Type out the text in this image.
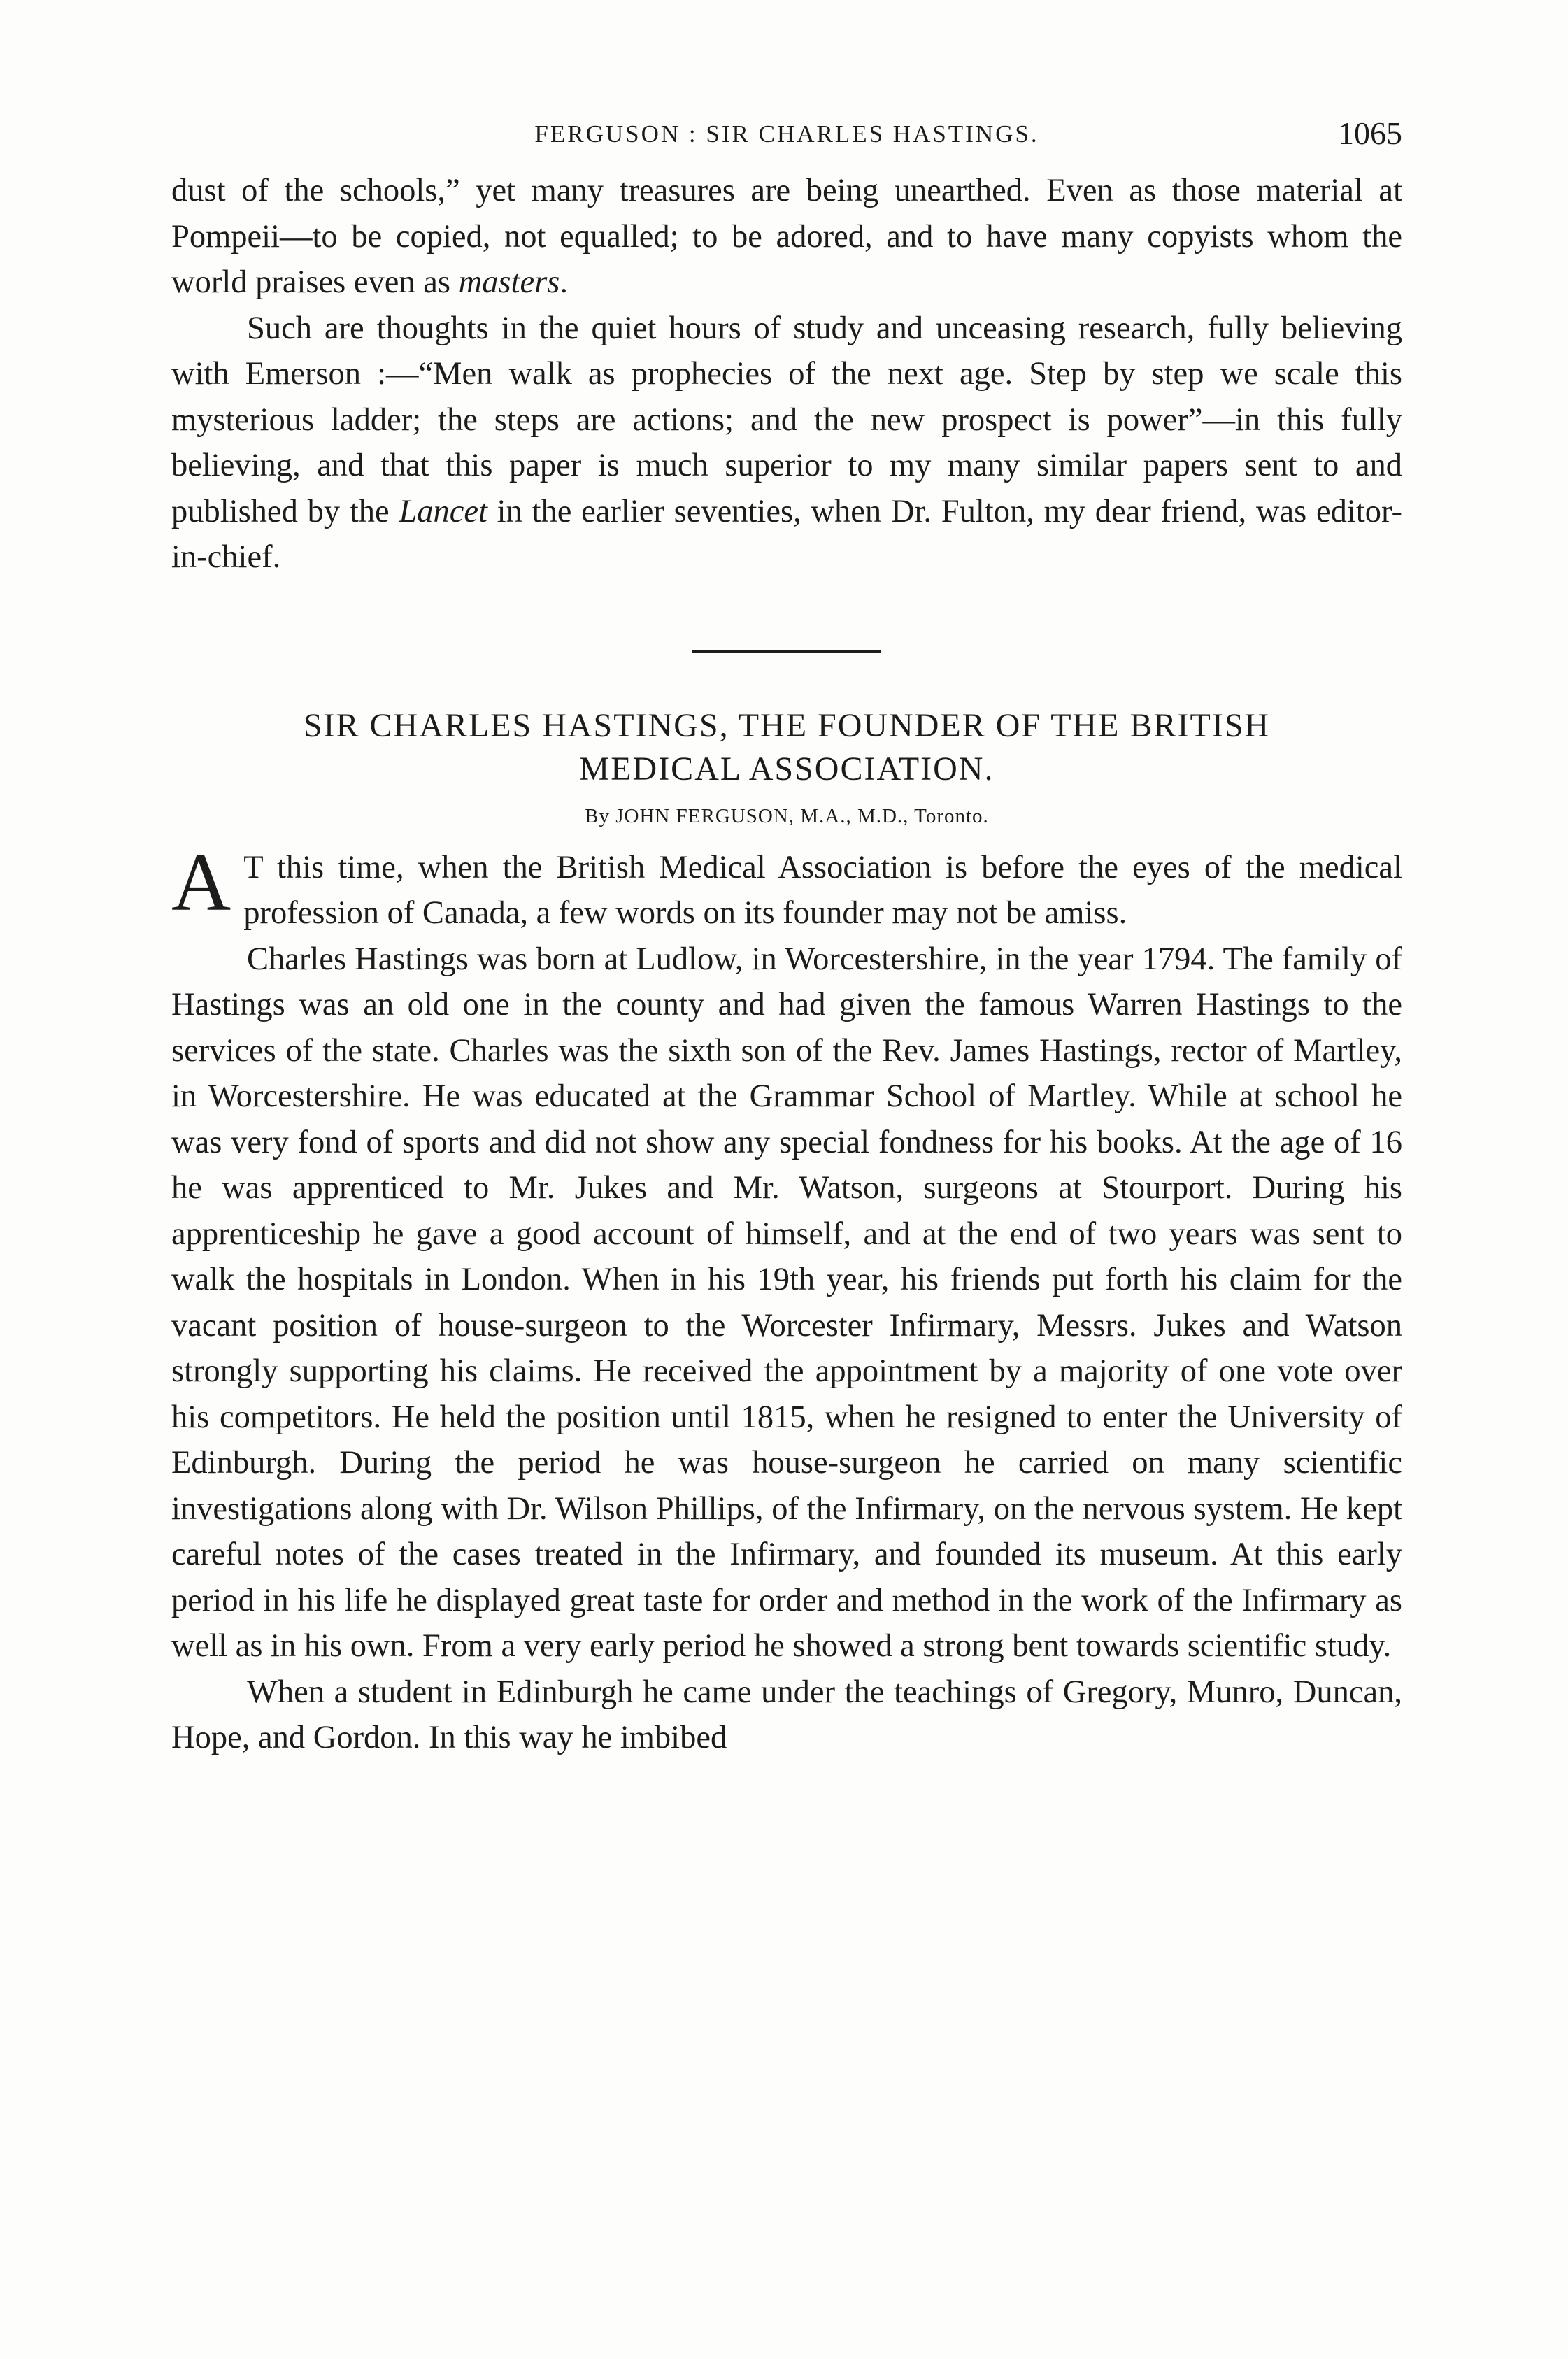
FERGUSON : SIR CHARLES HASTINGS.	1065

dust of the schools,” yet many treasures are being unearthed. Even as those material at Pompeii—to be copied, not equalled; to be adored, and to have many copyists whom the world praises even as masters.

Such are thoughts in the quiet hours of study and unceasing research, fully believing with Emerson :—“Men walk as prophecies of the next age. Step by step we scale this mysterious ladder; the steps are actions; and the new prospect is power”—in this fully believing, and that this paper is much superior to my many similar papers sent to and published by the Lancet in the earlier seventies, when Dr. Fulton, my dear friend, was editor-in-chief.

SIR CHARLES HASTINGS, THE FOUNDER OF THE BRITISH
MEDICAL ASSOCIATION.
By JOHN FERGUSON, M.A., M.D., Toronto.

A T this time, when the British Medical Association is before the eyes of the medical profession of Canada, a few words on its founder may not be amiss.

Charles Hastings was born at Ludlow, in Worcestershire, in the year 1794. The family of Hastings was an old one in the county and had given the famous Warren Hastings to the services of the state. Charles was the sixth son of the Rev. James Hastings, rector of Martley, in Worcestershire. He was educated at the Grammar School of Martley. While at school he was very fond of sports and did not show any special fondness for his books. At the age of 16 he was apprenticed to Mr. Jukes and Mr. Watson, surgeons at Stourport. During his apprenticeship he gave a good account of himself, and at the end of two years was sent to walk the hospitals in London. When in his 19th year, his friends put forth his claim for the vacant position of house-surgeon to the Worcester Infirmary, Messrs. Jukes and Watson strongly supporting his claims. He received the appointment by a majority of one vote over his competitors. He held the position until 1815, when he resigned to enter the University of Edinburgh. During the period he was house-surgeon he carried on many scientific investigations along with Dr. Wilson Phillips, of the Infirmary, on the nervous system. He kept careful notes of the cases treated in the Infirmary, and founded its museum. At this early period in his life he displayed great taste for order and method in the work of the Infirmary as well as in his own. From a very early period he showed a strong bent towards scientific study.

When a student in Edinburgh he came under the teachings of Gregory, Munro, Duncan, Hope, and Gordon. In this way he imbibed
